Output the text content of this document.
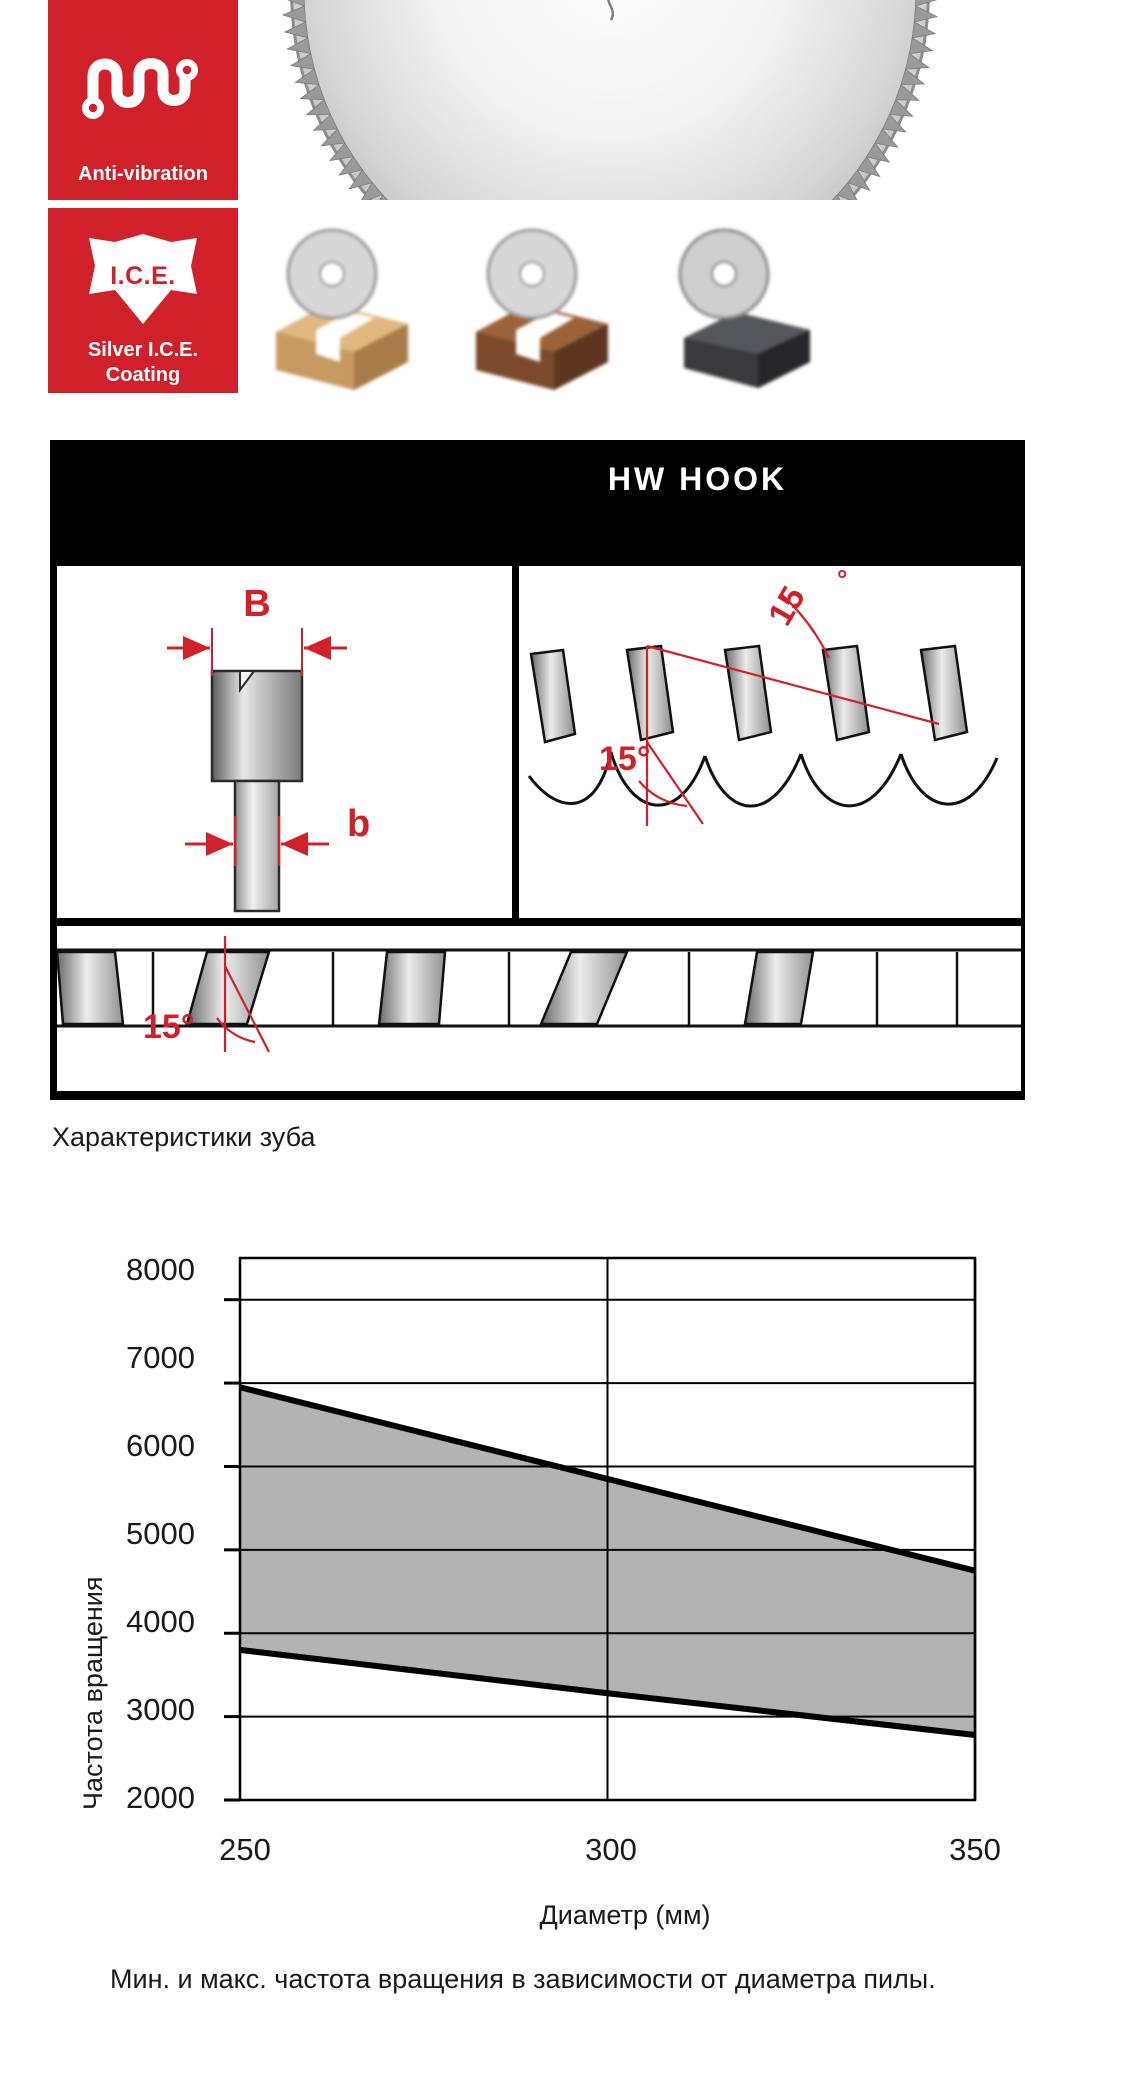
Anti-vibration
I.C.E.
Silver I.C.E.
Coating
HW HOOK
B
b
15°
15
°
15°
Характеристики зуба
8000
7000
6000
5000
4000
3000
2000
250	300	350
Диаметр (мм)
Частота вращения
Мин. и макс. частота вращения в зависимости от диаметра пилы.
